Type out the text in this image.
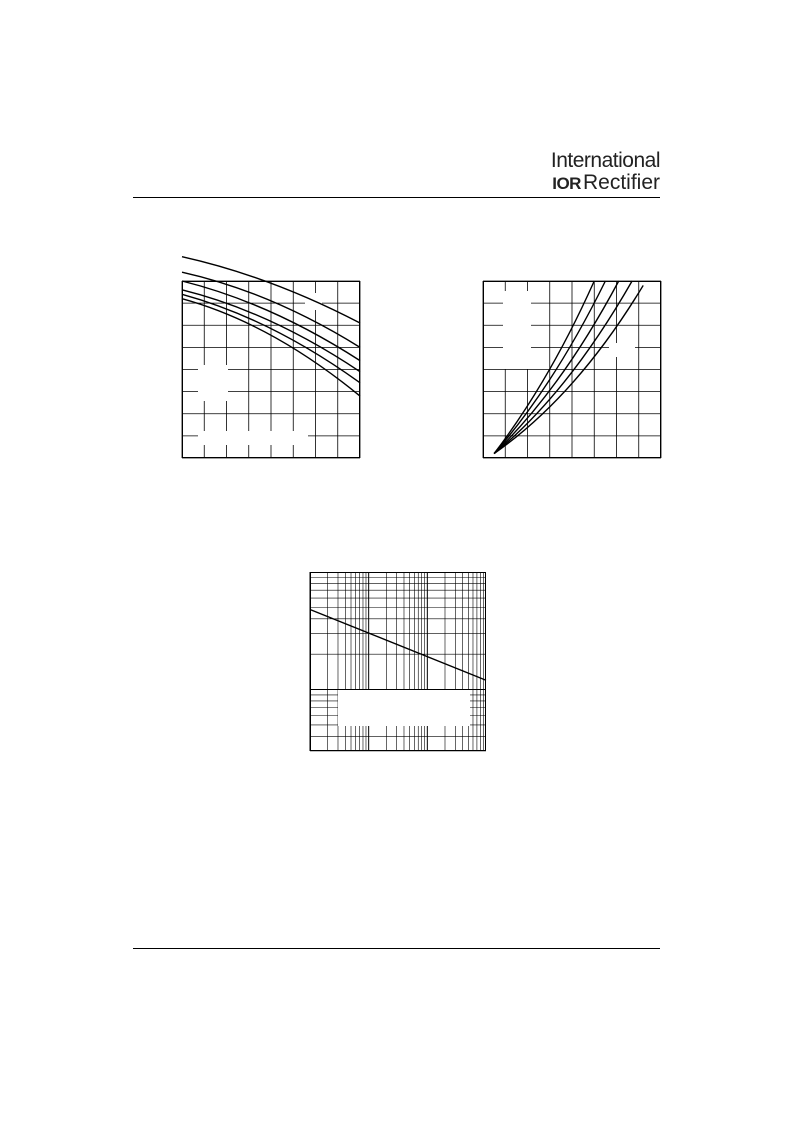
International
IORRectifier
